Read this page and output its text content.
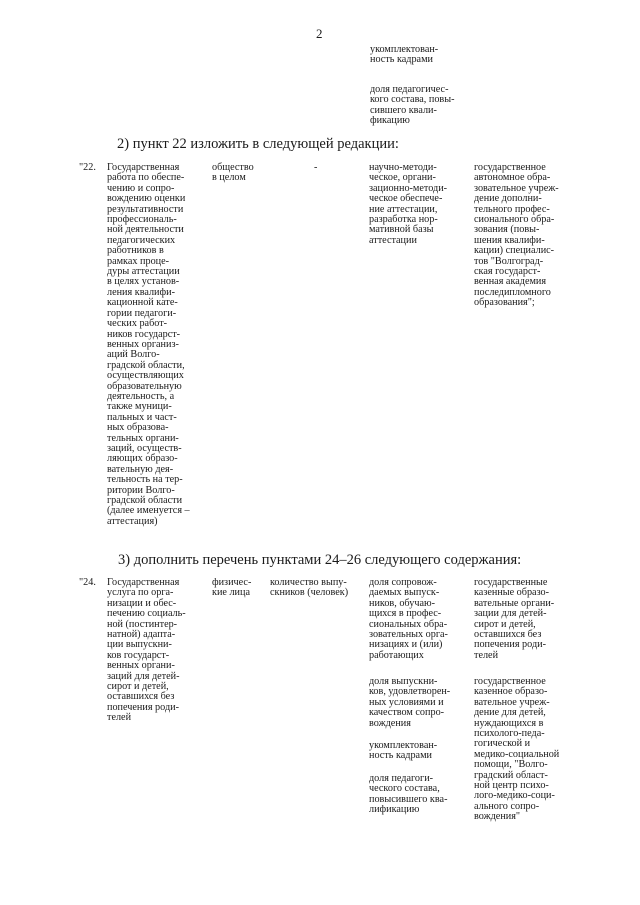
2
укомплектован-
ность кадрами
доля педагогичес-
кого состава, повы-
сившего квали-
фикацию
2) пункт 22 изложить в следующей редакции:
"22. Государственная
работа по обеспе-
чению и сопро-
вождению оценки
результативности
профессиональ-
ной деятельности
педагогических
работников в
рамках проце-
дуры аттестации
в целях установ-
ления квалифи-
кационной кате-
гории педагоги-
ческих работ-
ников государст-
венных организ-
аций Волго-
градской области,
осуществляющих
образовательную
деятельность, а
также муници-
пальных и част-
ных образова-
тельных органи-
заций, осуществ-
ляющих образо-
вательную дея-
тельность на тер-
ритории Волго-
градской области
(далее именуется –
аттестация)
общество
в целом
-	научно-методи-
ческое, органи-
зационно-методи-
ческое обеспече-
ние аттестации,
разработка нор-
мативной базы
аттестации
государственное
автономное обра-
зовательное учреж-
дение дополни-
тельного профес-
сионального обра-
зования (повы-
шения квалифи-
кации) специалис-
тов "Волгоград-
ская государст-
венная академия
последипломного
образования";
3) дополнить перечень пунктами 24–26 следующего содержания:
"24. Государственная
услуга по орга-
низации и обес-
печению социаль-
ной (постинтер-
натной) адапта-
ции выпускни-
ков государст-
венных органи-
заций для детей-
сирот и детей,
оставшихся без
попечения роди-
телей
физичес-
кие лица
количество выпу-
скников (человек)
доля сопровож-
даемых выпуск-
ников, обучаю-
щихся в профес-
сиональных обра-
зовательных орга-
низациях и (или)
работающих
доля выпускни-
ков, удовлетворен-
ных условиями и
качеством сопро-
вождения
укомплектован-
ность кадрами
доля педагоги-
ческого состава,
повысившего ква-
лификацию
государственные
казенные образо-
вательные органи-
зации для детей-
сирот и детей,
оставшихся без
попечения роди-
телей
государственное
казенное образо-
вательное учреж-
дение для детей,
нуждающихся в
психолого-педа-
гогической и
медико-социальной
помощи, "Волго-
градский област-
ной центр психо-
лого-медико-соци-
ального сопро-
вождения"
